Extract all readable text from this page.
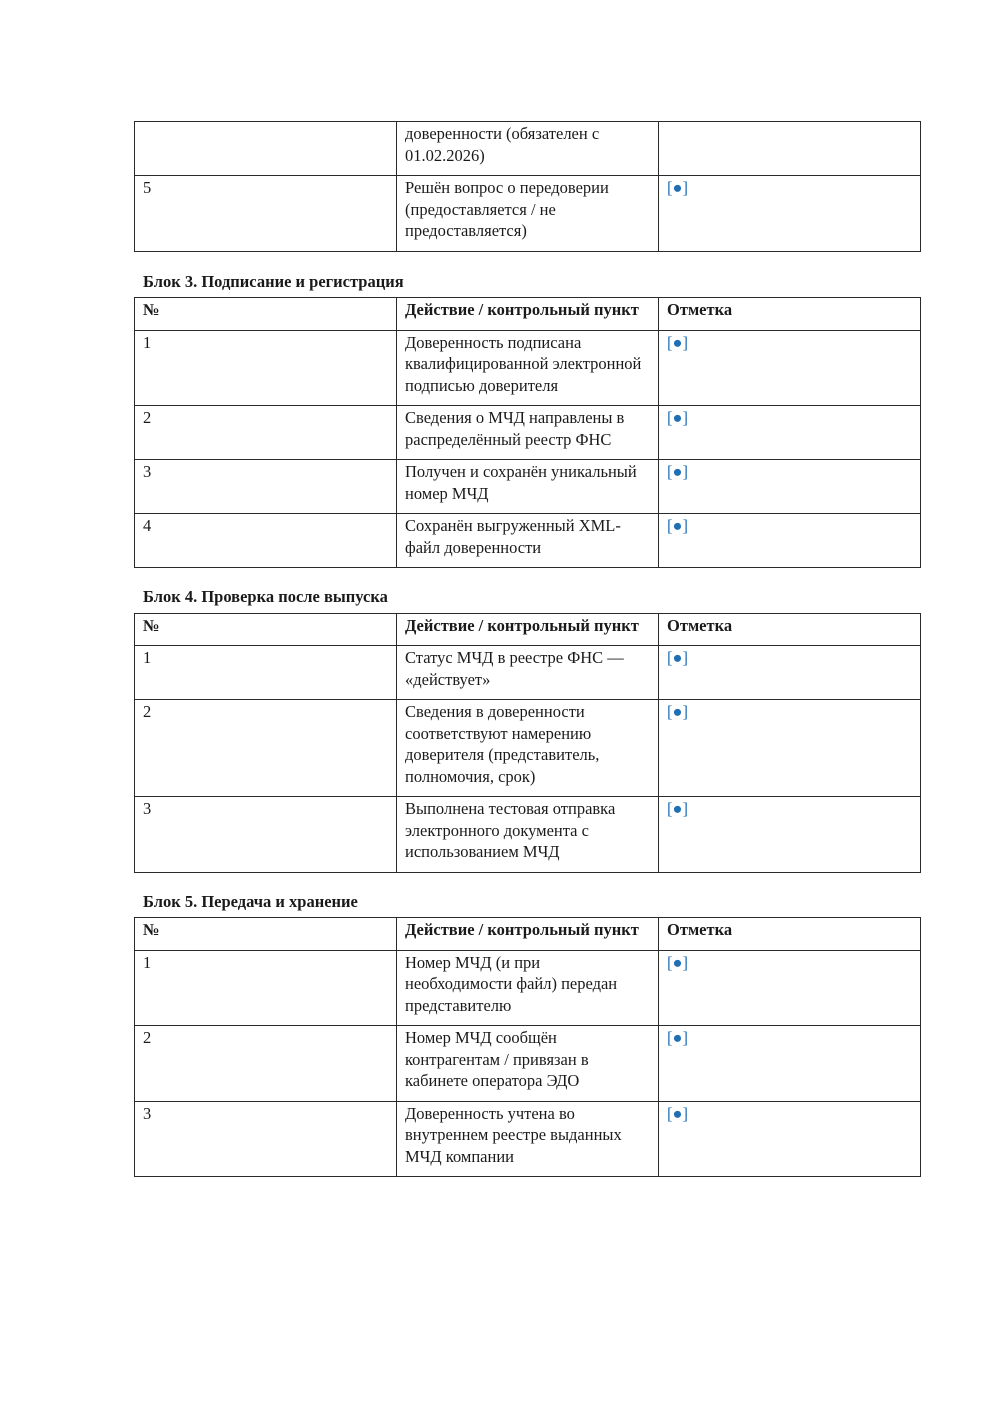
	доверенности (обязателен с 01.02.2026)	
5	Решён вопрос о передоверии (предоставляется / не предоставляется)	[●]

Блок 3. Подписание и регистрация

№	Действие / контрольный пункт	Отметка
1	Доверенность подписана квалифицированной электронной подписью доверителя	[●]
2	Сведения о МЧД направлены в распределённый реестр ФНС	[●]
3	Получен и сохранён уникальный номер МЧД	[●]
4	Сохранён выгруженный XML-файл доверенности	[●]

Блок 4. Проверка после выпуска

№	Действие / контрольный пункт	Отметка
1	Статус МЧД в реестре ФНС — «действует»	[●]
2	Сведения в доверенности соответствуют намерению доверителя (представитель, полномочия, срок)	[●]
3	Выполнена тестовая отправка электронного документа с использованием МЧД	[●]

Блок 5. Передача и хранение

№	Действие / контрольный пункт	Отметка
1	Номер МЧД (и при необходимости файл) передан представителю	[●]
2	Номер МЧД сообщён контрагентам / привязан в кабинете оператора ЭДО	[●]
3	Доверенность учтена во внутреннем реестре выданных МЧД компании	[●]
